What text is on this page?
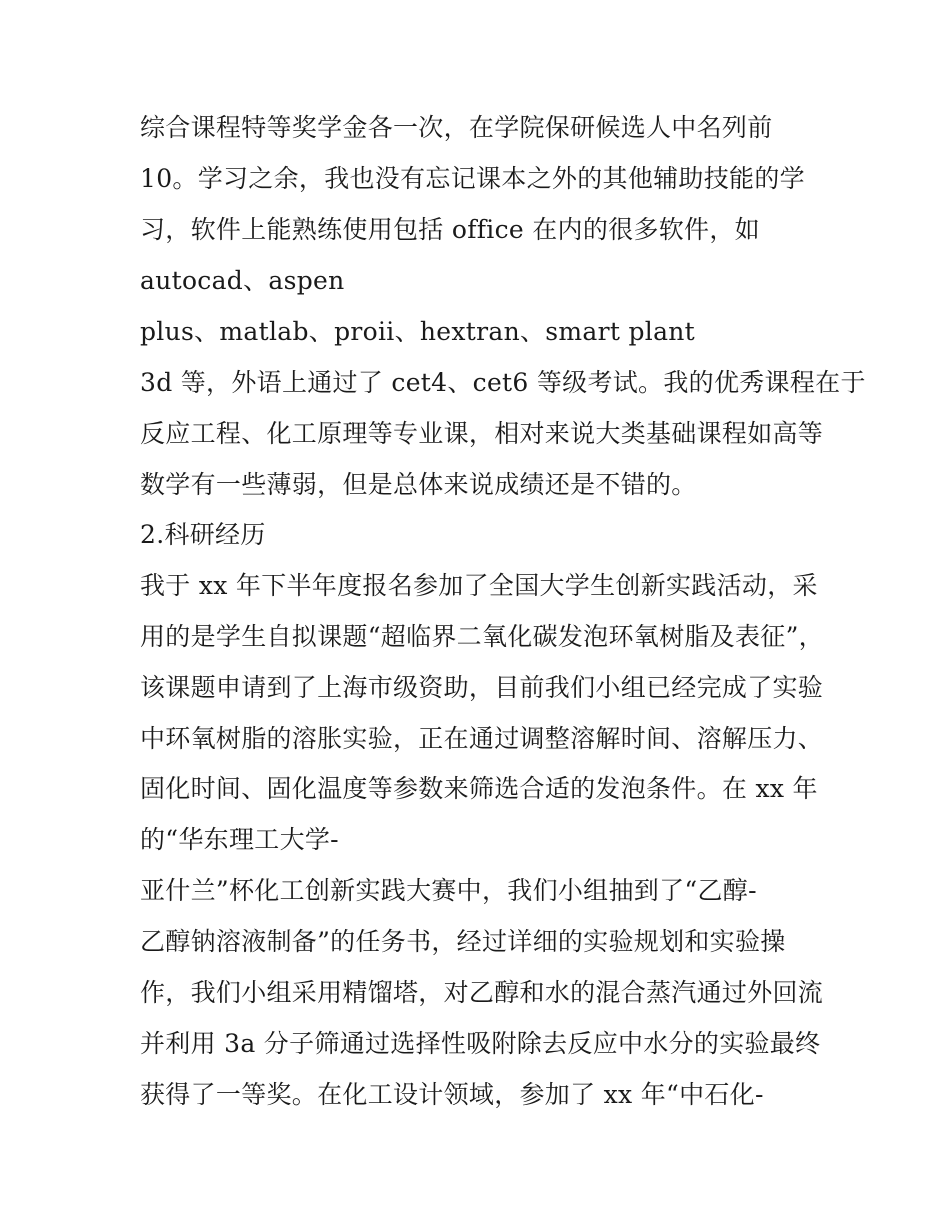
综合课程特等奖学金各一次，在学院保研候选人中名列前
10。学习之余，我也没有忘记课本之外的其他辅助技能的学
习，软件上能熟练使用包括 office 在内的很多软件，如
autocad、aspen
plus、matlab、proii、hextran、smart plant
3d 等，外语上通过了 cet4、cet6 等级考试。我的优秀课程在于
反应工程、化工原理等专业课，相对来说大类基础课程如高等
数学有一些薄弱，但是总体来说成绩还是不错的。
2.科研经历
我于 xx 年下半年度报名参加了全国大学生创新实践活动，采
用的是学生自拟课题“超临界二氧化碳发泡环氧树脂及表征”，
该课题申请到了上海市级资助，目前我们小组已经完成了实验
中环氧树脂的溶胀实验，正在通过调整溶解时间、溶解压力、
固化时间、固化温度等参数来筛选合适的发泡条件。在 xx 年
的“华东理工大学-
亚什兰”杯化工创新实践大赛中，我们小组抽到了“乙醇-
乙醇钠溶液制备”的任务书，经过详细的实验规划和实验操
作，我们小组采用精馏塔，对乙醇和水的混合蒸汽通过外回流
并利用 3a 分子筛通过选择性吸附除去反应中水分的实验最终
获得了一等奖。在化工设计领域，参加了 xx 年“中石化-
